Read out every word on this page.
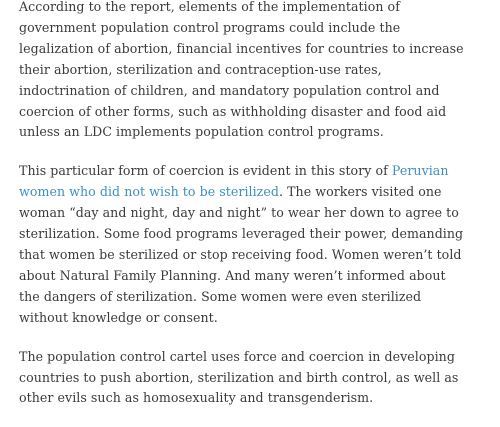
According to the report, elements of the implementation of
government population control programs could include the
legalization of abortion, financial incentives for countries to increase
their abortion, sterilization and contraception-use rates,
indoctrination of children, and mandatory population control and
coercion of other forms, such as withholding disaster and food aid
unless an LDC implements population control programs.

This particular form of coercion is evident in this story of Peruvian
women who did not wish to be sterilized. The workers visited one
woman “day and night, day and night” to wear her down to agree to
sterilization. Some food programs leveraged their power, demanding
that women be sterilized or stop receiving food. Women weren’t told
about Natural Family Planning. And many weren’t informed about
the dangers of sterilization. Some women were even sterilized
without knowledge or consent.

The population control cartel uses force and coercion in developing
countries to push abortion, sterilization and birth control, as well as
other evils such as homosexuality and transgenderism.
